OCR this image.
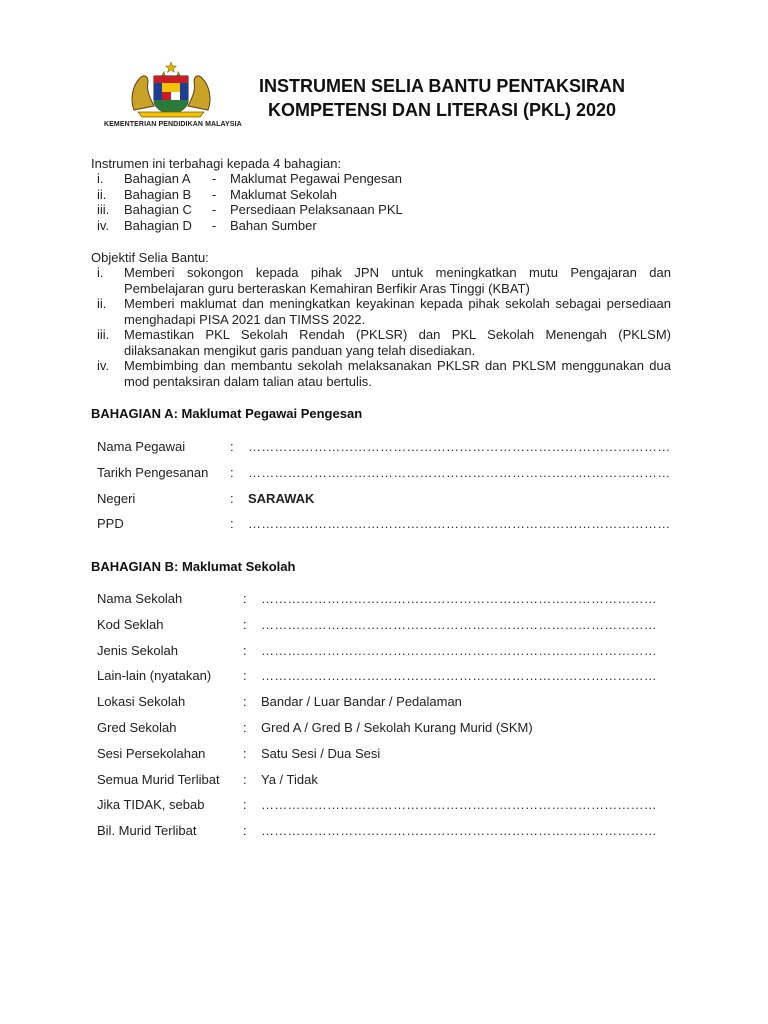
KEMENTERIAN PENDIDIKAN MALAYSIA
INSTRUMEN SELIA BANTU PENTAKSIRAN
KOMPETENSI DAN LITERASI (PKL) 2020
Instrumen ini terbahagi kepada 4 bahagian:
i. Bahagian A - Maklumat Pegawai Pengesan
ii. Bahagian B - Maklumat Sekolah
iii. Bahagian C - Persediaan Pelaksanaan PKL
iv. Bahagian D - Bahan Sumber
Objektif Selia Bantu:
i. Memberi sokongon kepada pihak JPN untuk meningkatkan mutu Pengajaran dan Pembelajaran guru berteraskan Kemahiran Berfikir Aras Tinggi (KBAT)
ii. Memberi maklumat dan meningkatkan keyakinan kepada pihak sekolah sebagai persediaan menghadapi PISA 2021 dan TIMSS 2022.
iii. Memastikan PKL Sekolah Rendah (PKLSR) dan PKL Sekolah Menengah (PKLSM) dilaksanakan mengikut garis panduan yang telah disediakan.
iv. Membimbing dan membantu sekolah melaksanakan PKLSR dan PKLSM menggunakan dua mod pentaksiran dalam talian atau bertulis.
BAHAGIAN A: Maklumat Pegawai Pengesan
Nama Pegawai	: ……………………………………………………………………………………
Tarikh Pengesanan : ……………………………………………………………………………………
Negeri	: SARAWAK
PPD	: ……………………………………………………………………………………
BAHAGIAN B: Maklumat Sekolah
Nama Sekolah	: ………………………………………………………………………………
Kod Seklah	: ………………………………………………………………………………
Jenis Sekolah	: ………………………………………………………………………………
Lain-lain (nyatakan) : ………………………………………………………………………………
Lokasi Sekolah	: Bandar / Luar Bandar / Pedalaman
Gred Sekolah	: Gred A / Gred B / Sekolah Kurang Murid (SKM)
Sesi Persekolahan	: Satu Sesi / Dua Sesi
Semua Murid Terlibat : Ya / Tidak
Jika TIDAK, sebab	: ………………………………………………………………………………
Bil. Murid Terlibat	: ………………………………………………………………………………
